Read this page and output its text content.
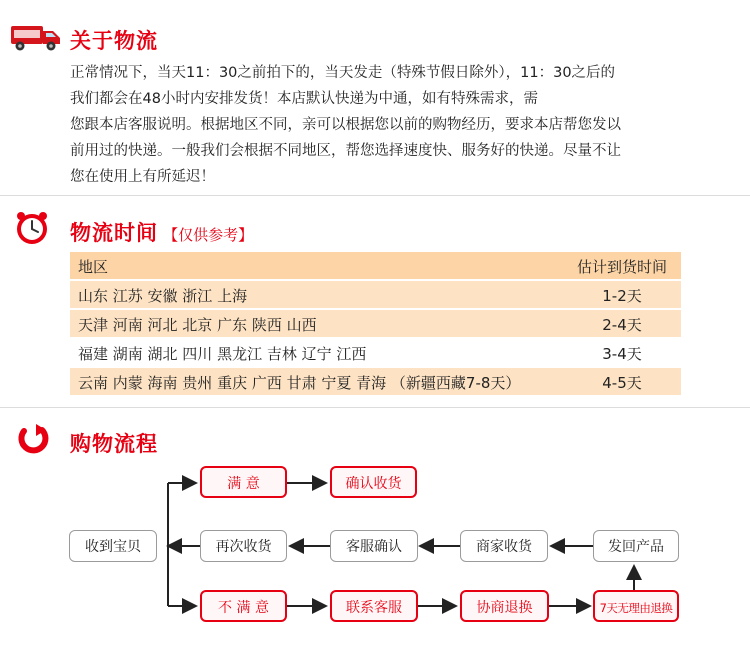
关于物流
正常情况下，当天11：30之前拍下的，当天发走（特殊节假日除外），11：30之后的
我们都会在48小时内安排发货！本店默认快递为中通，如有特殊需求，需
您跟本店客服说明。根据地区不同，亲可以根据您以前的购物经历，要求本店帮您发以
前用过的快递。一般我们会根据不同地区，帮您选择速度快、服务好的快递。尽量不让
您在使用上有所延迟！
物流时间 【仅供参考】
地区	估计到货时间
山东 江苏 安徽 浙江 上海	1-2天
天津 河南 河北 北京 广东 陕西 山西	2-4天
福建 湖南 湖北 四川 黑龙江 吉林 辽宁 江西	3-4天
云南 内蒙 海南 贵州 重庆 广西 甘肃 宁夏 青海 （新疆西藏7-8天）	4-5天
购物流程
收到宝贝
满 意	确认收货
再次收货	客服确认	商家收货	发回产品
不 满 意	联系客服	协商退换	7天无理由退换
